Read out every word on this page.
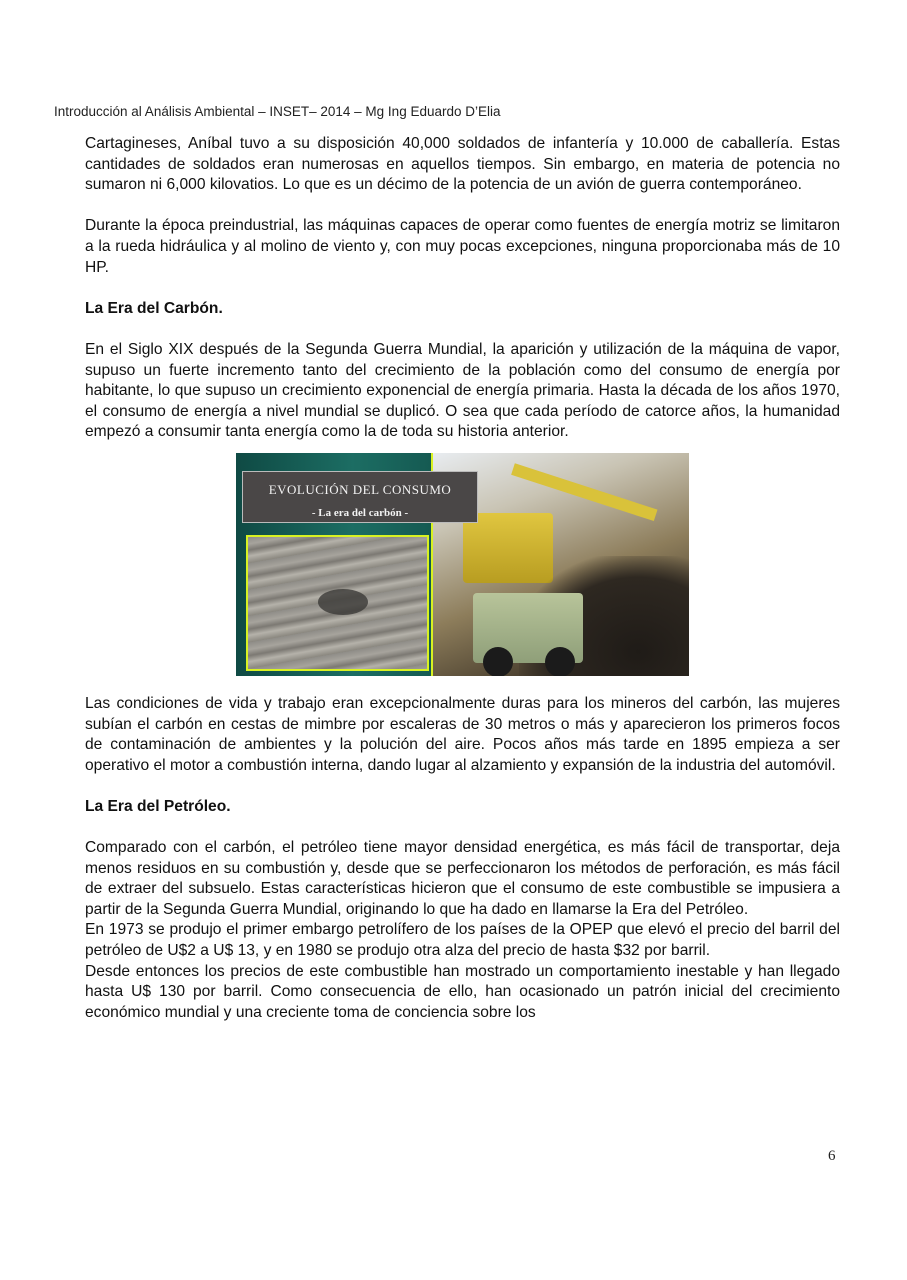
Introducción al Análisis Ambiental – INSET– 2014 – Mg Ing Eduardo D’Elia

Cartagineses, Aníbal tuvo a su disposición 40,000 soldados de infantería y 10.000 de caballería. Estas cantidades de soldados eran numerosas en aquellos tiempos. Sin embargo, en materia de potencia no sumaron ni 6,000 kilovatios. Lo que es un décimo de la potencia de un avión de guerra contemporáneo.

Durante la época preindustrial, las máquinas capaces de operar como fuentes de energía motriz se limitaron a la rueda hidráulica y al molino de viento y, con muy pocas excepciones, ninguna proporcionaba más de 10 HP.

La Era del Carbón.

En el Siglo XIX después de la Segunda Guerra Mundial, la aparición y utilización de la máquina de vapor, supuso un fuerte incremento tanto del crecimiento de la población como del consumo de energía por habitante, lo que supuso un crecimiento exponencial de energía primaria. Hasta la década de los años 1970, el consumo de energía a nivel mundial se duplicó. O sea que cada período de catorce años, la humanidad empezó a consumir tanta energía como la de toda su historia anterior.

EVOLUCIÓN DEL CONSUMO
- La era del carbón -

Las condiciones de vida y trabajo eran excepcionalmente duras para los mineros del carbón, las mujeres subían el carbón en cestas de mimbre por escaleras de 30 metros o más y aparecieron los primeros focos de contaminación de ambientes y la polución del aire. Pocos años más tarde en 1895 empieza a ser operativo el motor a combustión interna, dando lugar al alzamiento y expansión de la industria del automóvil.

La Era del Petróleo.

Comparado con el carbón, el petróleo tiene mayor densidad energética, es más fácil de transportar, deja menos residuos en su combustión y, desde que se perfeccionaron los métodos de perforación, es más fácil de extraer del subsuelo. Estas características hicieron que el consumo de este combustible se impusiera a partir de la Segunda Guerra Mundial, originando lo que ha dado en llamarse la Era del Petróleo.

En 1973 se produjo el primer embargo petrolífero de los países de la OPEP que elevó el precio del barril del petróleo de U$2 a U$ 13, y en 1980 se produjo otra alza del precio de hasta $32 por barril.

Desde entonces los precios de este combustible han mostrado un comportamiento inestable y han llegado hasta U$ 130 por barril. Como consecuencia de ello, han ocasionado un patrón inicial del crecimiento económico mundial y una creciente toma de conciencia sobre los

6
